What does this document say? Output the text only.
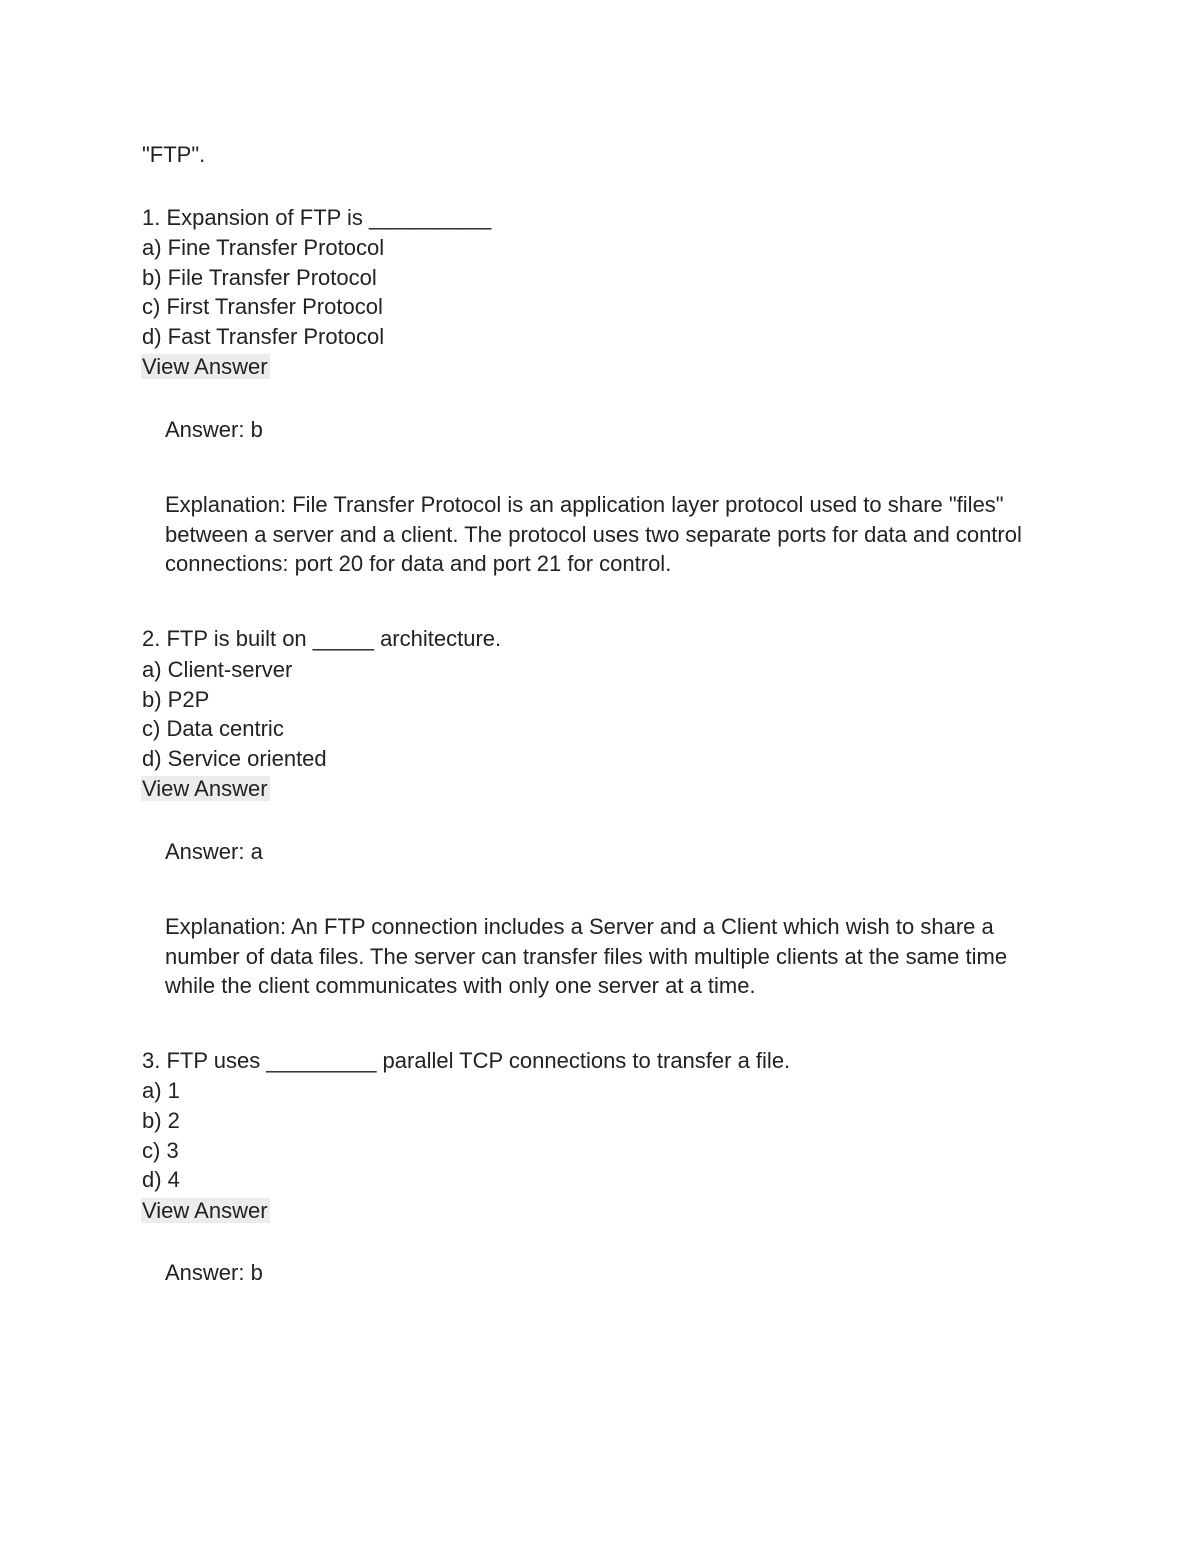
"FTP".
1. Expansion of FTP is __________
a) Fine Transfer Protocol
b) File Transfer Protocol
c) First Transfer Protocol
d) Fast Transfer Protocol
View Answer
Answer: b
Explanation: File Transfer Protocol is an application layer protocol used to share "files"
between a server and a client. The protocol uses two separate ports for data and control
connections: port 20 for data and port 21 for control.
2. FTP is built on _____ architecture.
a) Client-server
b) P2P
c) Data centric
d) Service oriented
View Answer
Answer: a
Explanation: An FTP connection includes a Server and a Client which wish to share a
number of data files. The server can transfer files with multiple clients at the same time
while the client communicates with only one server at a time.
3. FTP uses _________ parallel TCP connections to transfer a file.
a) 1
b) 2
c) 3
d) 4
View Answer
Answer: b
